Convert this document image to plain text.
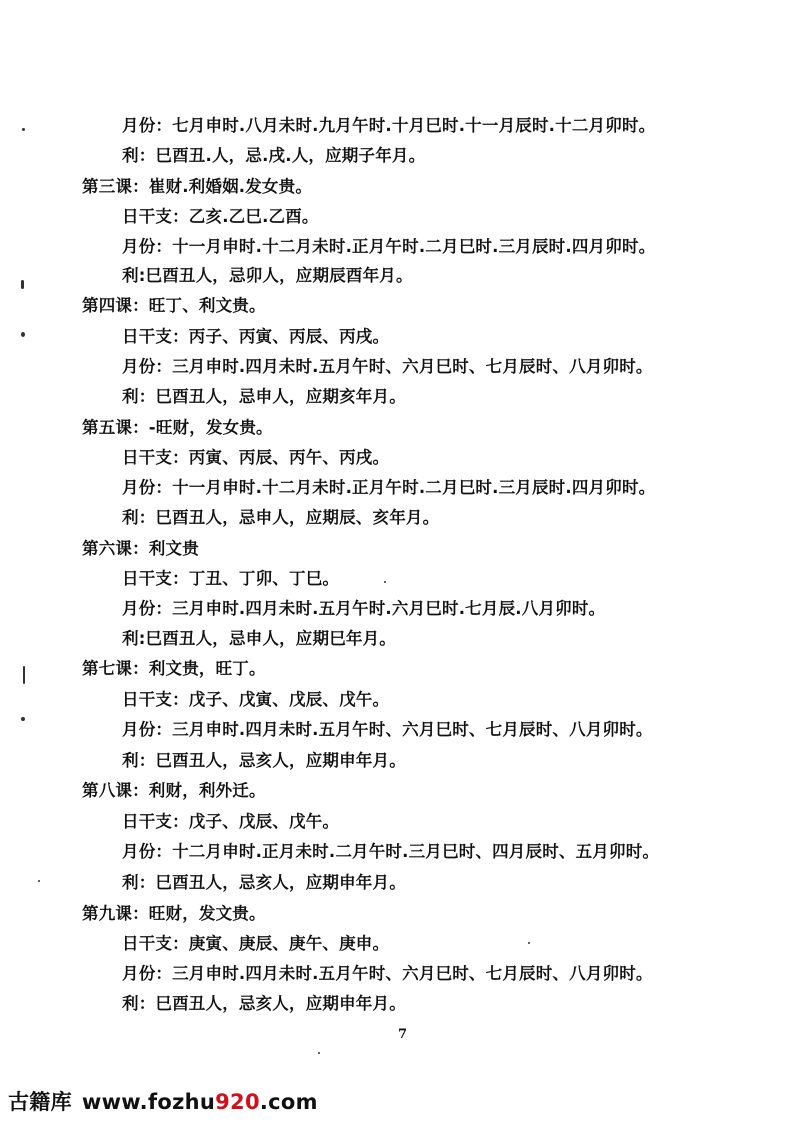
月份：七月申时.八月未时.九月午时.十月巳时.十一月辰时.十二月卯时。
利：巳酉丑.人，忌.戌.人，应期子年月。
第三课：崔财.利婚姻.发女贵。
日干支：乙亥.乙巳.乙酉。
月份：十一月申时.十二月未时.正月午时.二月巳时.三月辰时.四月卯时。
利:巳酉丑人，忌卯人，应期辰酉年月。
第四课：旺丁、利文贵。
日干支：丙子、丙寅、丙辰、丙戌。
月份：三月申时.四月未时.五月午时、六月巳时、七月辰时、八月卯时。
利：巳酉丑人，忌申人，应期亥年月。
第五课：-旺财，发女贵。
日干支：丙寅、丙辰、丙午、丙戌。
月份：十一月申时.十二月未时.正月午时.二月巳时.三月辰时.四月卯时。
利：巳酉丑人，忌申人，应期辰、亥年月。
第六课：利文贵
日干支：丁丑、丁卯、丁巳。
月份：三月申时.四月未时.五月午时.六月巳时.七月辰.八月卯时。
利:巳酉丑人，忌申人，应期巳年月。
第七课：利文贵，旺丁。
日干支：戊子、戊寅、戊辰、戊午。
月份：三月申时.四月未时.五月午时、六月巳时、七月辰时、八月卯时。
利：巳酉丑人，忌亥人，应期申年月。
第八课：利财，利外迁。
日干支：戊子、戊辰、戊午。
月份：十二月申时.正月未时.二月午时.三月巳时、四月辰时、五月卯时。
利：巳酉丑人，忌亥人，应期申年月。
第九课：旺财，发文贵。
日干支：庚寅、庚辰、庚午、庚申。
月份：三月申时.四月未时.五月午时、六月巳时、七月辰时、八月卯时。
利：巳酉丑人，忌亥人，应期申年月。
7
古籍库 www.fozhu920.com
